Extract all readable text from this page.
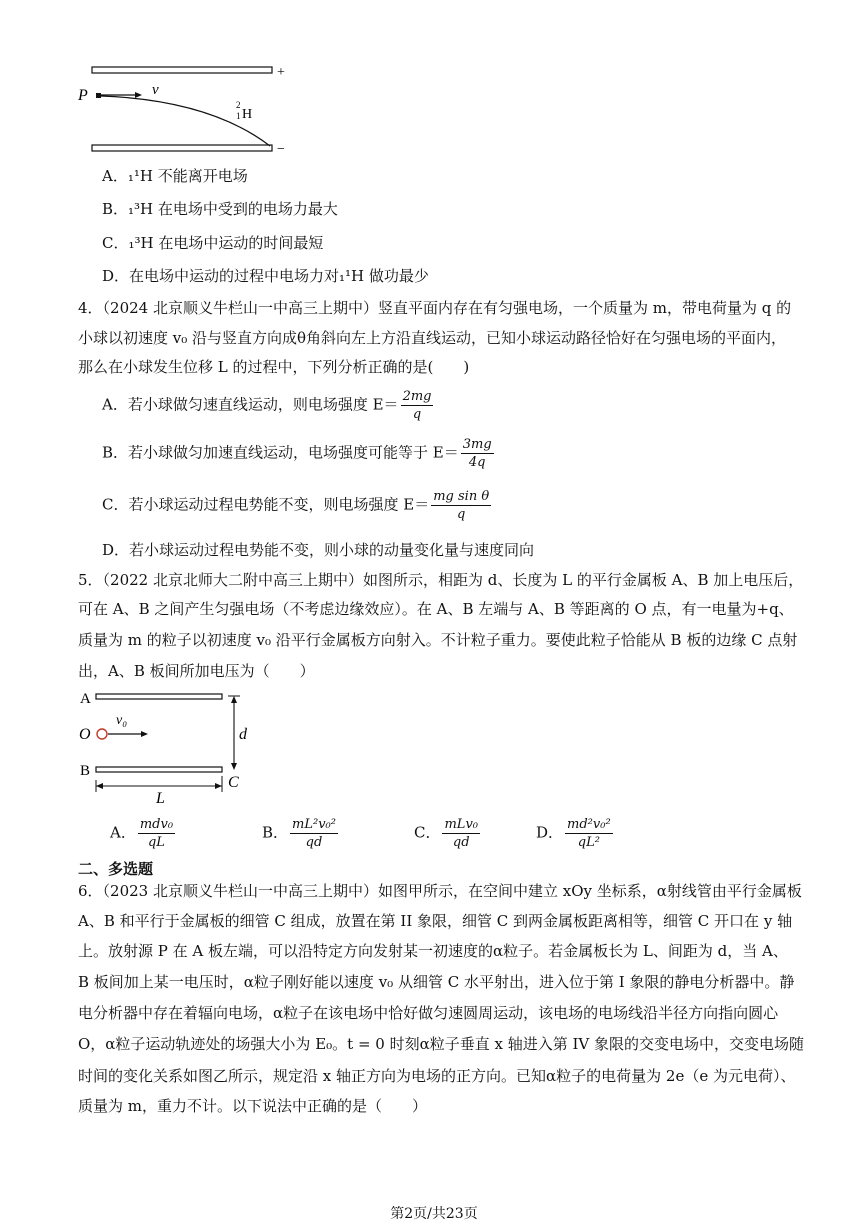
+
−
P	v
2
1 H
A．₁¹H 不能离开电场
B．₁³H 在电场中受到的电场力最大
C．₁³H 在电场中运动的时间最短
D．在电场中运动的过程中电场力对₁¹H 做功最少
4．（2024 北京顺义牛栏山一中高三上期中）竖直平面内存在有匀强电场，一个质量为 m，带电荷量为 q 的
小球以初速度 v₀ 沿与竖直方向成θ角斜向左上方沿直线运动，已知小球运动路径恰好在匀强电场的平面内，
那么在小球发生位移 L 的过程中，下列分析正确的是(　　)
A．若小球做匀速直线运动，则电场强度 $E= \frac{2mg}{q}$
B．若小球做匀加速直线运动，电场强度可能等于 $E= \frac{3mg}{4q}$
C．若小球运动过程电势能不变，则电场强度 $E= \frac{\text{mg sin θ}}{q}$
D．若小球运动过程电势能不变，则小球的动量变化量与速度同向
5．（2022 北京北师大二附中高三上期中）如图所示，相距为 d、长度为 L 的平行金属板 A、B 加上电压后，
可在 A、B 之间产生匀强电场（不考虑边缘效应）。在 A、B 左端与 A、B 等距离的 O 点，有一电量为+q、
质量为 m 的粒子以初速度 v₀ 沿平行金属板方向射入。不计粒子重力。要使此粒子恰能从 B 板的边缘 C 点射
出，A、B 板间所加电压为（　　）
A
O
v₀
B
d
C
L
A． $\frac{\text{mdv₀}}{qL}$	B． $\frac{\text{mL²v₀²}}{qd}$	C． $\frac{\text{mLv₀}}{qd}$	D． $\frac{\text{md²v₀²}}{\text{qL²}}$
二、多选题
6．（2023 北京顺义牛栏山一中高三上期中）如图甲所示，在空间中建立 xOy 坐标系，α射线管由平行金属板
A、B 和平行于金属板的细管 C 组成，放置在第 II 象限，细管 C 到两金属板距离相等，细管 C 开口在 y 轴
上。放射源 P 在 A 板左端，可以沿特定方向发射某一初速度的α粒子。若金属板长为 L、间距为 d，当 A、
B 板间加上某一电压时，α粒子刚好能以速度 v₀ 从细管 C 水平射出，进入位于第 I 象限的静电分析器中。静
电分析器中存在着辐向电场，α粒子在该电场中恰好做匀速圆周运动，该电场的电场线沿半径方向指向圆心
O，α粒子运动轨迹处的场强大小为 E₀。t = 0 时刻α粒子垂直 x 轴进入第 IV 象限的交变电场中，交变电场随
时间的变化关系如图乙所示，规定沿 x 轴正方向为电场的正方向。已知α粒子的电荷量为 2e（e 为元电荷）、
质量为 m，重力不计。以下说法中正确的是（　　）
第2页/共23页
